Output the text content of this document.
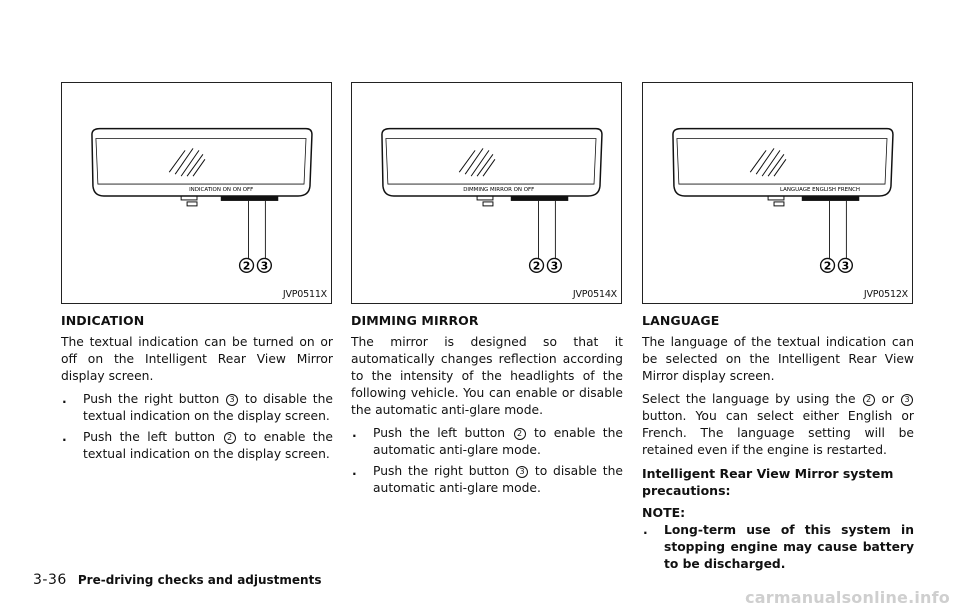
2 3
INDICATION ON ON OFF
JVP0511X
2 3
DIMMING MIRROR ON OFF
JVP0514X
2 3
LANGUAGE ENGLISH FRENCH
JVP0512X
INDICATION
The textual indication can be turned on or off on the Intelligent Rear View Mirror display screen.
. Push the right button 3 to disable the textual indication on the display screen.
. Push the left button 2 to enable the textual indication on the display screen.
DIMMING MIRROR
The mirror is designed so that it automatically changes reflection according to the intensity of the headlights of the following vehicle. You can enable or disable the automatic anti-glare mode.
. Push the left button 2 to enable the automatic anti-glare mode.
. Push the right button 3 to disable the automatic anti-glare mode.
LANGUAGE
The language of the textual indication can be selected on the Intelligent Rear View Mirror display screen.
Select the language by using the 2 or 3 button. You can select either English or French. The language setting will be retained even if the engine is restarted.
Intelligent Rear View Mirror system precautions:
NOTE:
. Long-term use of this system in stopping engine may cause battery to be discharged.
3-36 Pre-driving checks and adjustments
carmanualsonline.info
